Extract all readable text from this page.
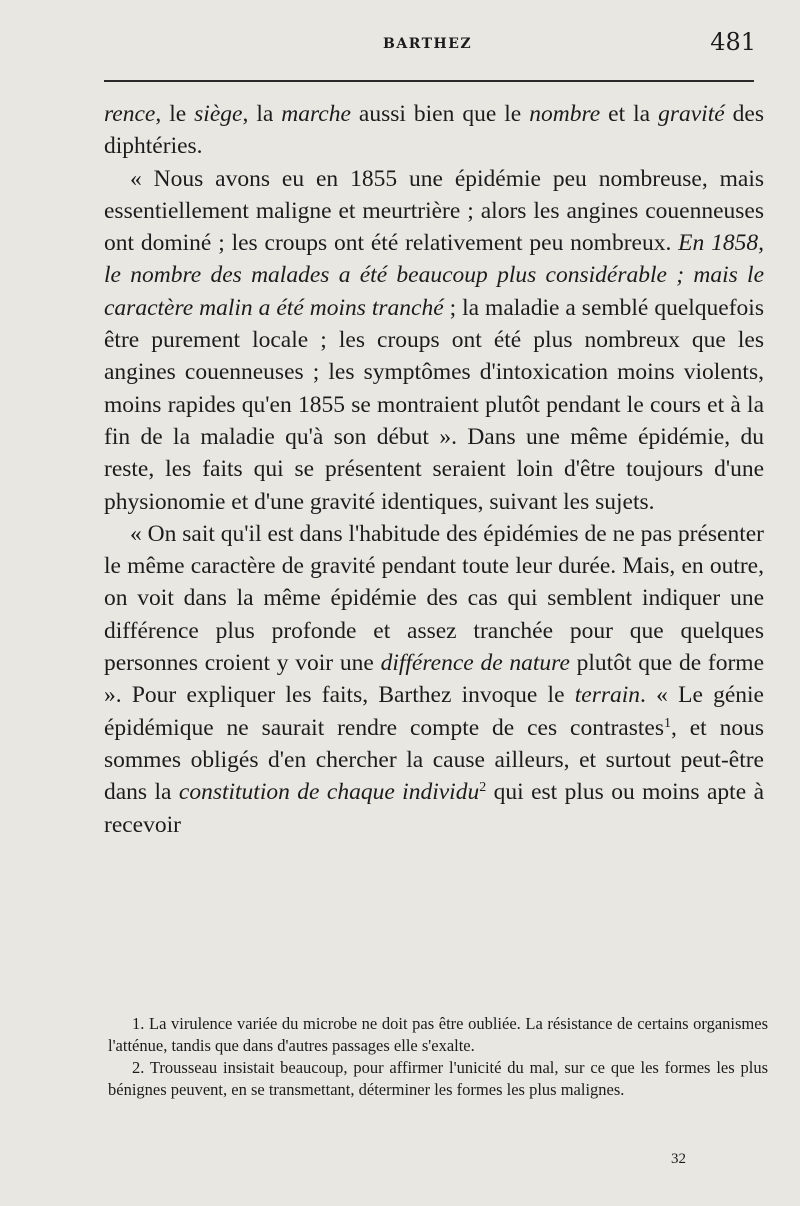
BARTHEZ	481

rence, le siège, la marche aussi bien que le nombre et la gravité des diphtéries.

« Nous avons eu en 1855 une épidémie peu nombreuse, mais essentiellement maligne et meurtrière ; alors les angines couenneuses ont dominé ; les croups ont été relativement peu nombreux. En 1858, le nombre des malades a été beaucoup plus considérable ; mais le caractère malin a été moins tranché ; la maladie a semblé quelquefois être purement locale ; les croups ont été plus nombreux que les angines couenneuses ; les symptômes d'intoxication moins violents, moins rapides qu'en 1855 se montraient plutôt pendant le cours et à la fin de la maladie qu'à son début ». Dans une même épidémie, du reste, les faits qui se présentent seraient loin d'être toujours d'une physionomie et d'une gravité identiques, suivant les sujets.

« On sait qu'il est dans l'habitude des épidémies de ne pas présenter le même caractère de gravité pendant toute leur durée. Mais, en outre, on voit dans la même épidémie des cas qui semblent indiquer une différence plus profonde et assez tranchée pour que quelques personnes croient y voir une différence de nature plutôt que de forme ». Pour expliquer les faits, Barthez invoque le terrain. « Le génie épidémique ne saurait rendre compte de ces contrastes$^1$, et nous sommes obligés d'en chercher la cause ailleurs, et surtout peut-être dans la constitution de chaque individu$^2$ qui est plus ou moins apte à recevoir

1. La virulence variée du microbe ne doit pas être oubliée. La résistance de certains organismes l'atténue, tandis que dans d'autres passages elle s'exalte.

2. Trousseau insistait beaucoup, pour affirmer l'unicité du mal, sur ce que les formes les plus bénignes peuvent, en se transmettant, déterminer les formes les plus malignes.

32
